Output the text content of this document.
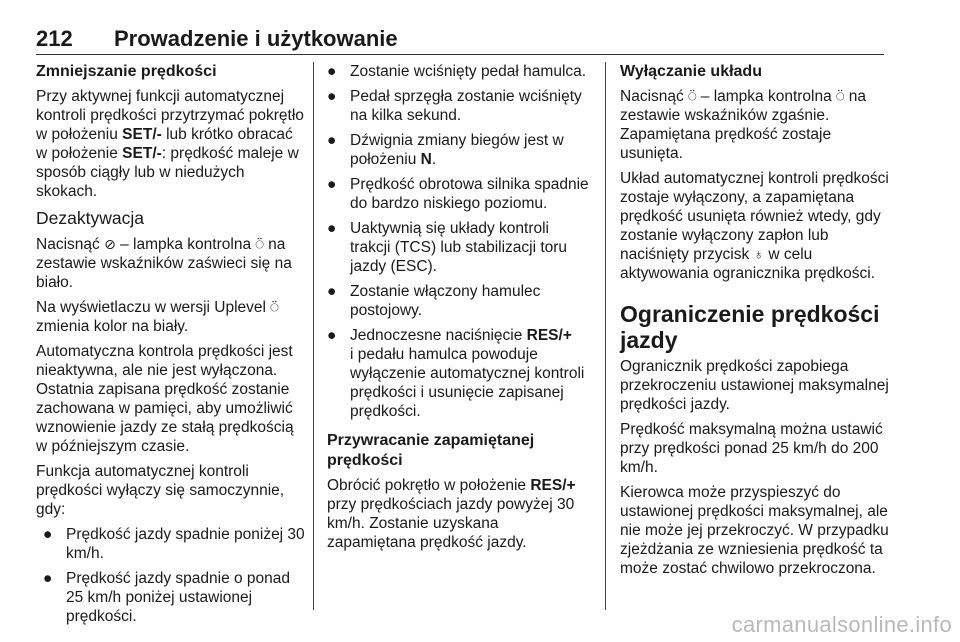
212 Prowadzenie i użytkowanie
Zmniejszanie prędkości

Przy aktywnej funkcji automatycznej kontroli prędkości przytrzymać pokrętło w położeniu SET/- lub krótko obracać w położenie SET/-: prędkość maleje w sposób ciągły lub w niedużych skokach.

Dezaktywacja

Nacisnąć ⊘ – lampka kontrolna ⍥ na zestawie wskaźników zaświeci się na biało.

Na wyświetlaczu w wersji Uplevel ⍥ zmienia kolor na biały.

Automatyczna kontrola prędkości jest nieaktywna, ale nie jest wyłączona. Ostatnia zapisana prędkość zostanie zachowana w pamięci, aby umożliwić wznowienie jazdy ze stałą prędkością w późniejszym czasie.

Funkcja automatycznej kontroli prędkości wyłączy się samoczynnie, gdy:

● Prędkość jazdy spadnie poniżej 30 km/h.
● Prędkość jazdy spadnie o ponad 25 km/h poniżej ustawionej prędkości.
● Zostanie wciśnięty pedał hamulca.
● Pedał sprzęgła zostanie wciśnięty na kilka sekund.
● Dźwignia zmiany biegów jest w położeniu N.
● Prędkość obrotowa silnika spadnie do bardzo niskiego poziomu.
● Uaktywnią się układy kontroli trakcji (TCS) lub stabilizacji toru jazdy (ESC).
● Zostanie włączony hamulec postojowy.
● Jednoczesne naciśnięcie RES/+
i pedału hamulca powoduje wyłączenie automatycznej kontroli prędkości i usunięcie zapisanej prędkości.
Przywracanie zapamiętanej prędkości

Obrócić pokrętło w położenie RES/+ przy prędkościach jazdy powyżej 30 km/h. Zostanie uzyskana zapamiętana prędkość jazdy.

Wyłączanie układu

Nacisnąć ⍥ – lampka kontrolna ⍥ na zestawie wskaźników zgaśnie. Zapamiętana prędkość zostaje usunięta.

Układ automatycznej kontroli prędkości zostaje wyłączony, a zapamiętana prędkość usunięta również wtedy, gdy zostanie wyłączony zapłon lub naciśnięty przycisk ♁ w celu aktywowania ogranicznika prędkości.

Ograniczenie prędkości jazdy

Ogranicznik prędkości zapobiega przekroczeniu ustawionej maksymalnej prędkości jazdy.

Prędkość maksymalną można ustawić przy prędkości ponad 25 km/h do 200 km/h.

Kierowca może przyspieszyć do ustawionej prędkości maksymalnej, ale nie może jej przekroczyć. W przypadku zjeżdżania ze wzniesienia prędkość ta może zostać chwilowo przekroczona.

carmanualsonline.info
